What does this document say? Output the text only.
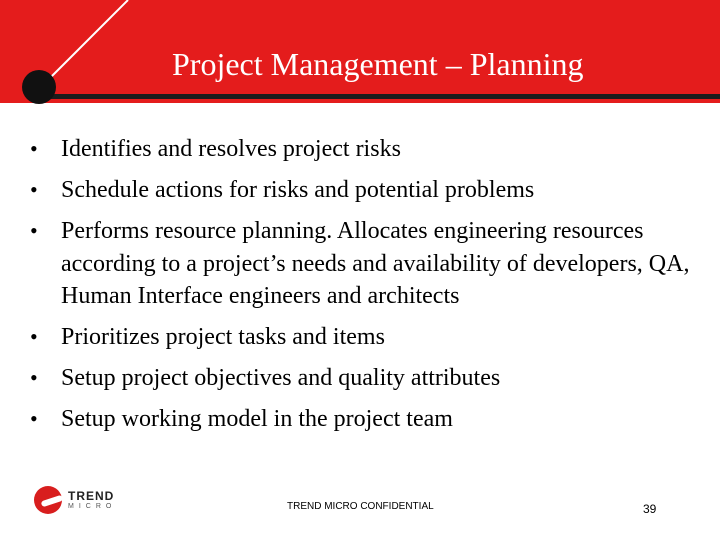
Project Management – Planning
• Identifies and resolves project risks
• Schedule actions for risks and potential problems
• Performs resource planning. Allocates engineering resources according to a project’s needs and availability of developers, QA, Human Interface engineers and architects
• Prioritizes project tasks and items
• Setup project objectives and quality attributes
• Setup working model in the project team
TREND
MICRO	TREND MICRO CONFIDENTIAL	39
